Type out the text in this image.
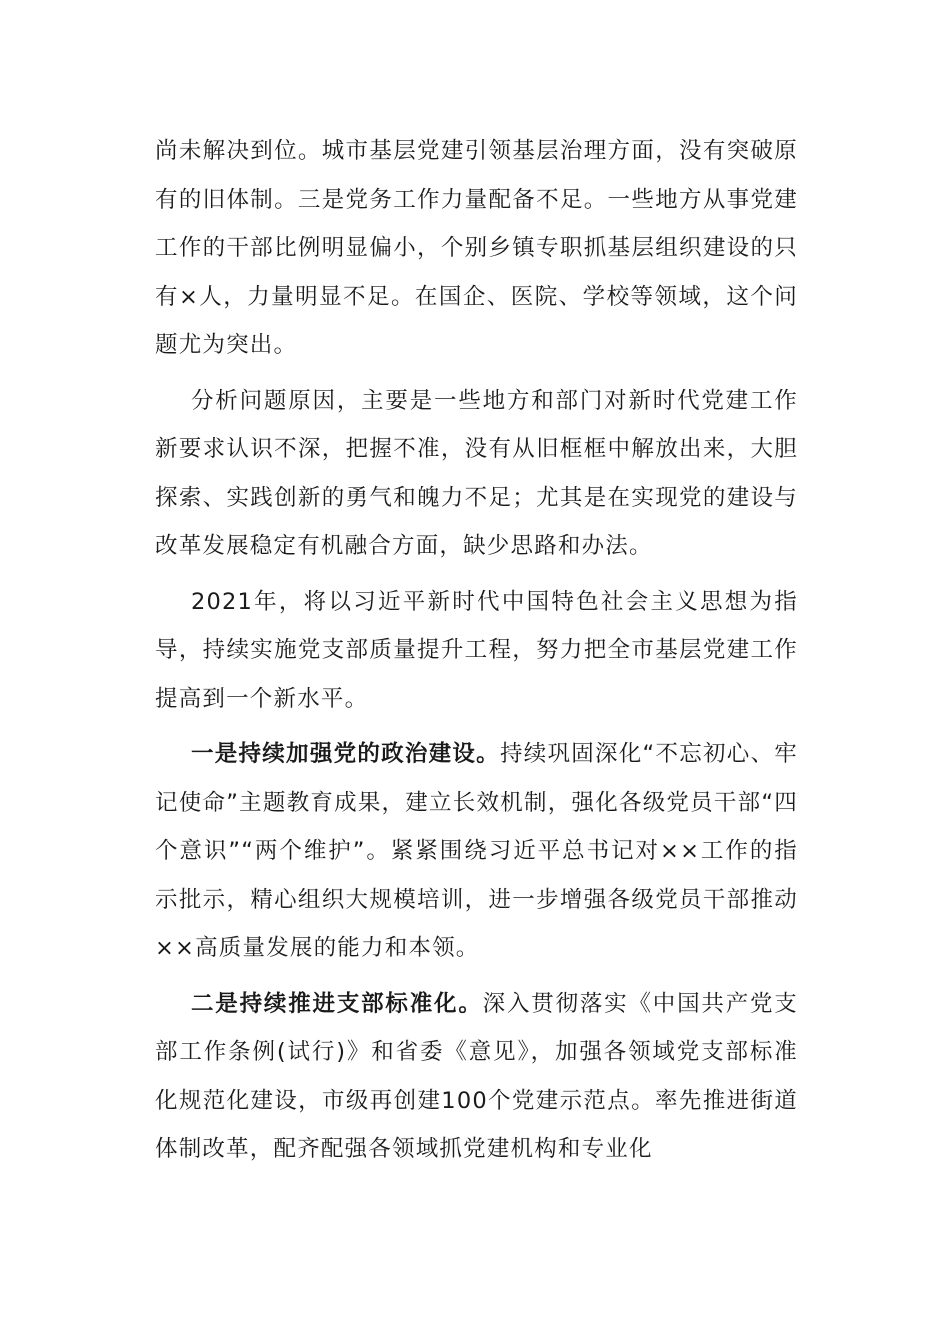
尚未解决到位。城市基层党建引领基层治理方面，没有突破原有的旧体制。三是党务工作力量配备不足。一些地方从事党建工作的干部比例明显偏小，个别乡镇专职抓基层组织建设的只有×人，力量明显不足。在国企、医院、学校等领域，这个问题尤为突出。

分析问题原因，主要是一些地方和部门对新时代党建工作新要求认识不深，把握不准，没有从旧框框中解放出来，大胆探索、实践创新的勇气和魄力不足；尤其是在实现党的建设与改革发展稳定有机融合方面，缺少思路和办法。

2021年，将以习近平新时代中国特色社会主义思想为指导，持续实施党支部质量提升工程，努力把全市基层党建工作提高到一个新水平。

一是持续加强党的政治建设。持续巩固深化“不忘初心、牢记使命”主题教育成果，建立长效机制，强化各级党员干部“四个意识”“两个维护”。紧紧围绕习近平总书记对××工作的指示批示，精心组织大规模培训，进一步增强各级党员干部推动××高质量发展的能力和本领。

二是持续推进支部标准化。深入贯彻落实《中国共产党支部工作条例(试行)》和省委《意见》，加强各领域党支部标准化规范化建设，市级再创建100个党建示范点。率先推进街道体制改革，配齐配强各领域抓党建机构和专业化
